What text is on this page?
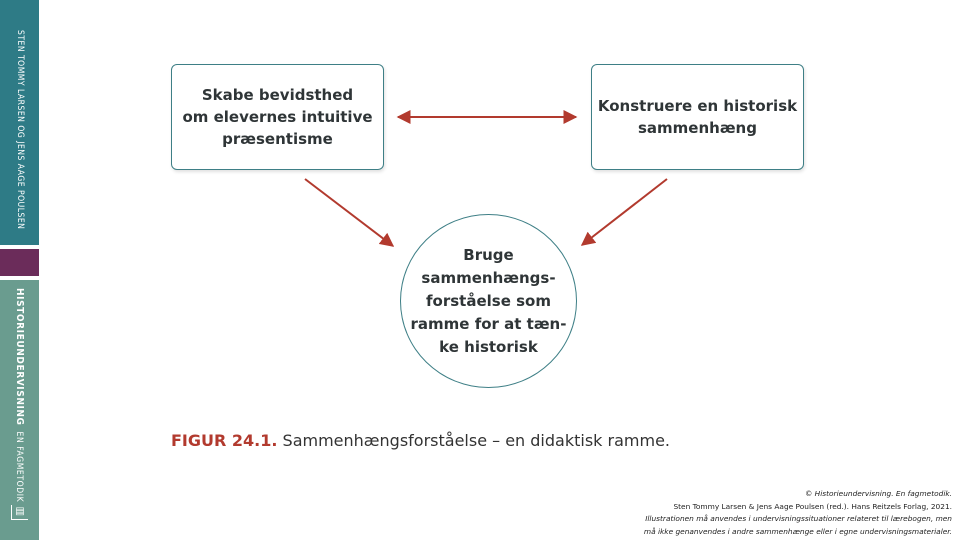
STEN TOMMY LARSEN OG JENS AAGE POULSEN
HISTORIEUNDERVISNINGEN FAGMETODIK
▤
Skabe bevidsthed
om elevernes intuitive
præsentisme
Konstruere en historisk
sammenhæng
Bruge
sammenhængs-
forståelse som
ramme for at tæn-
ke historisk
FIGUR 24.1. Sammenhængsforståelse – en didaktisk ramme.
© Historieundervisning. En fagmetodik.
Sten Tommy Larsen & Jens Aage Poulsen (red.). Hans Reitzels Forlag, 2021.
Illustrationen må anvendes i undervisningssituationer relateret til lærebogen, men
må ikke genanvendes i andre sammenhænge eller i egne undervisningsmaterialer.
